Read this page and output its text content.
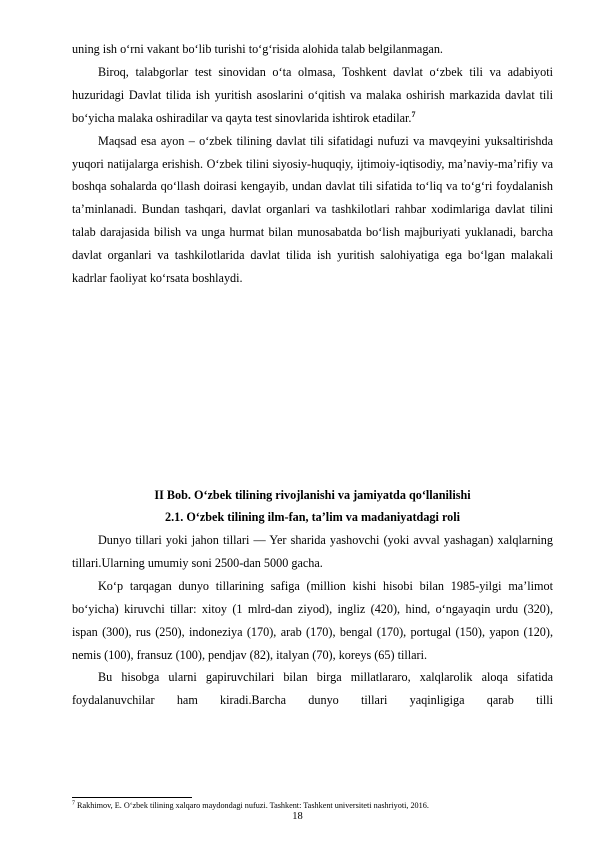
uning ish o‘rni vakant bo‘lib turishi to‘g‘risida alohida talab belgilanmagan.

Biroq, talabgorlar test sinovidan o‘ta olmasa, Toshkent davlat o‘zbek tili va adabiyoti huzuridagi Davlat tilida ish yuritish asoslarini o‘qitish va malaka oshirish markazida davlat tili bo‘yicha malaka oshiradilar va qayta test sinovlarida ishtirok etadilar.$^7$

Maqsad esa ayon – o‘zbek tilining davlat tili sifatidagi nufuzi va mavqeyini yuksaltirishda yuqori natijalarga erishish. O‘zbek tilini siyosiy-huquqiy, ijtimoiy-iqtisodiy, ma’naviy-ma’rifiy va boshqa sohalarda qo‘llash doirasi kengayib, undan davlat tili sifatida to‘liq va to‘g‘ri foydalanish ta’minlanadi. Bundan tashqari, davlat organlari va tashkilotlari rahbar xodimlariga davlat tilini talab darajasida bilish va unga hurmat bilan munosabatda bo‘lish majburiyati yuklanadi, barcha davlat organlari va tashkilotlarida davlat tilida ish yuritish salohiyatiga ega bo‘lgan malakali kadrlar faoliyat ko‘rsata boshlaydi.

II Bob. O‘zbek tilining rivojlanishi va jamiyatda qo‘llanilishi
2.1. O‘zbek tilining ilm-fan, ta’lim va madaniyatdagi roli

Dunyo tillari yoki jahon tillari — Yer sharida yashovchi (yoki avval yashagan) xalqlarning tillari.Ularning umumiy soni 2500-dan 5000 gacha.

Ko‘p tarqagan dunyo tillarining safiga (million kishi hisobi bilan 1985-yilgi ma’limot bo‘yicha) kiruvchi tillar: xitoy (1 mlrd-dan ziyod), ingliz (420), hind, o‘ngayaqin urdu (320), ispan (300), rus (250), indoneziya (170), arab (170), bengal (170), portugal (150), yapon (120), nemis (100), fransuz (100), pendjav (82), italyan (70), koreys (65) tillari.

Bu hisobga ularni gapiruvchilari bilan birga millatlararo, xalqlarolik aloqa sifatida foydalanuvchilar ham kiradi.Barcha dunyo tillari yaqinligiga qarab tilli

$^7$ Rakhimov, E. O‘zbek tilining xalqaro maydondagi nufuzi. Tashkent: Tashkent universiteti nashriyoti, 2016.
18
